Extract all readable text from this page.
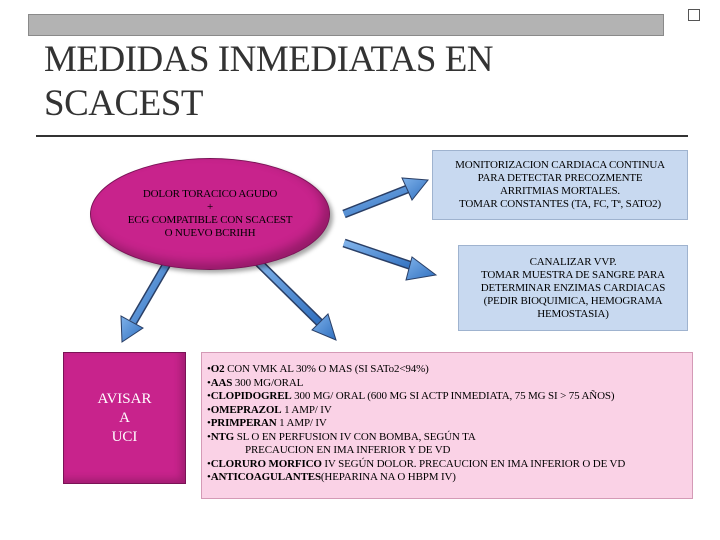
MEDIDAS INMEDIATAS EN SCACEST
DOLOR TORACICO AGUDO
+
ECG COMPATIBLE CON SCACEST
O NUEVO BCRIHH
MONITORIZACION CARDIACA CONTINUA
PARA DETECTAR PRECOZMENTE
ARRITMIAS MORTALES.
TOMAR CONSTANTES (TA, FC, Tª, SATO2)
CANALIZAR VVP.
TOMAR MUESTRA DE SANGRE PARA
DETERMINAR ENZIMAS CARDIACAS
(PEDIR BIOQUIMICA, HEMOGRAMA
HEMOSTASIA)
AVISAR
A
UCI
•O2 CON VMK AL 30% O MAS (SI SATo2<94%)
•AAS 300 MG/ORAL
•CLOPIDOGREL 300 MG/ ORAL (600 MG SI ACTP INMEDIATA, 75 MG SI > 75 AÑOS)
•OMEPRAZOL 1 AMP/ IV
•PRIMPERAN 1 AMP/ IV
•NTG SL O EN PERFUSION IV CON BOMBA, SEGÚN TA
PRECAUCION EN IMA INFERIOR Y DE VD
•CLORURO MORFICO IV SEGÚN DOLOR. PRECAUCION EN IMA INFERIOR O DE VD
•ANTICOAGULANTES(HEPARINA NA O HBPM IV)
